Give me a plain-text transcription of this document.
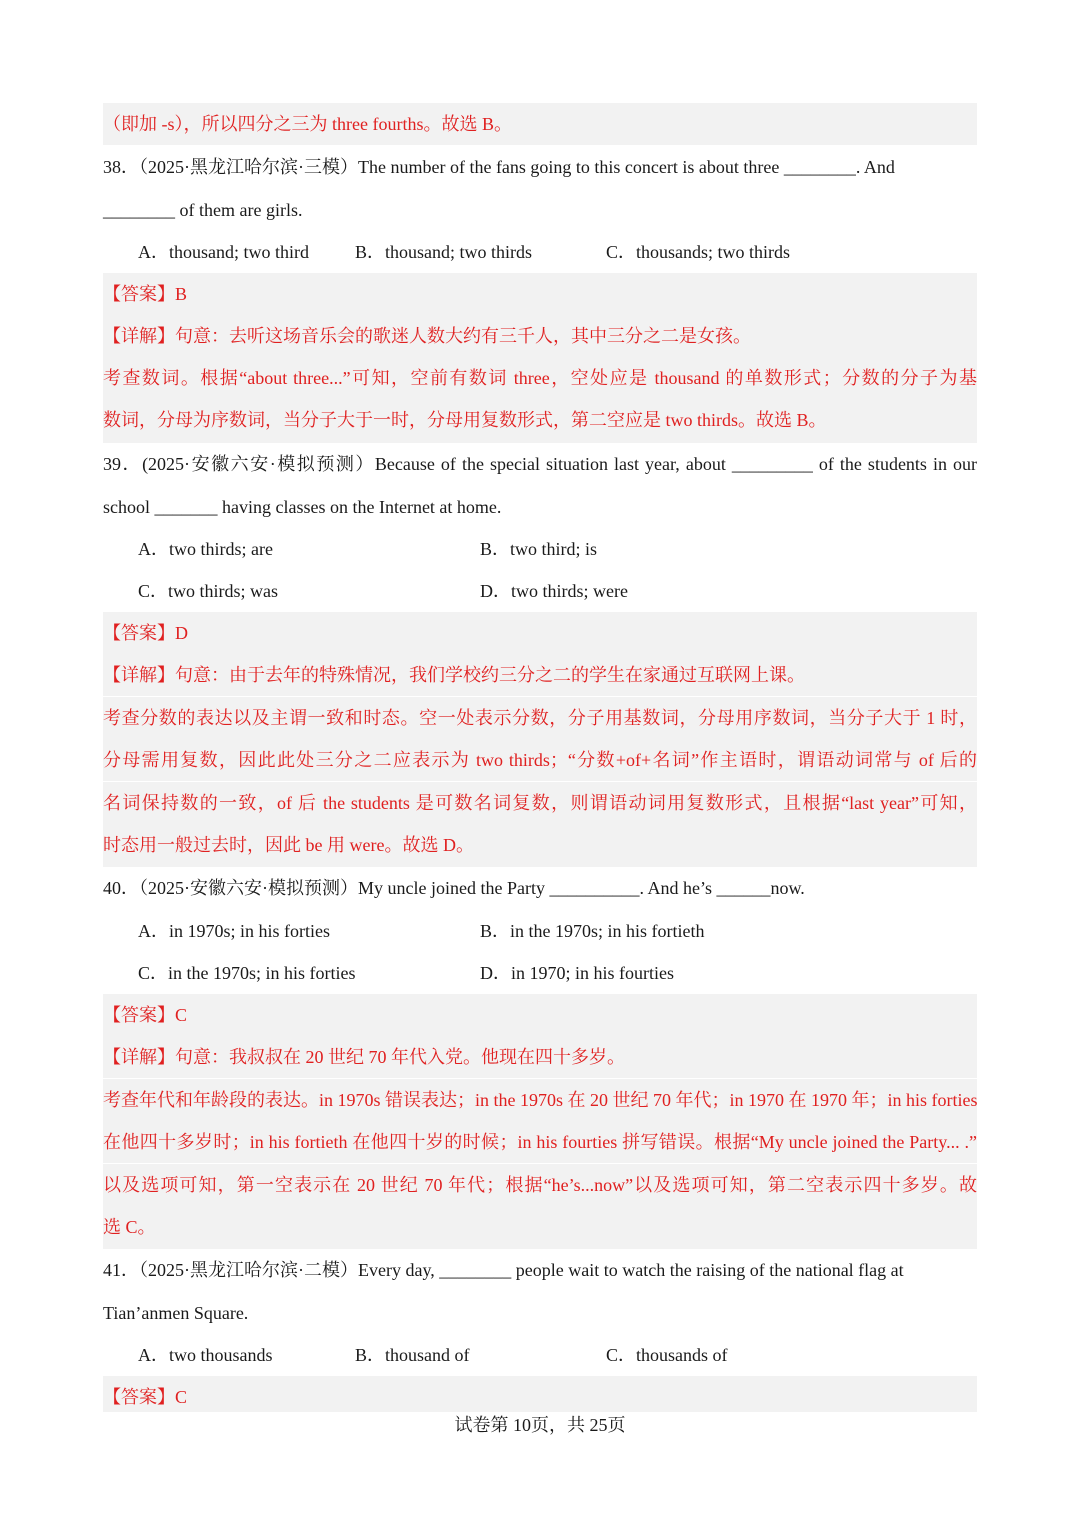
（即加 -s），所以四分之三为 three fourths。故选 B。
38．（2025·黑龙江哈尔滨·三模）The number of the fans going to this concert is about three ________. And
________ of them are girls.
A．thousand; two third	B．thousand; two thirds	C．thousands; two thirds
【答案】B
【详解】句意：去听这场音乐会的歌迷人数大约有三千人，其中三分之二是女孩。
考查数词。根据“about three...”可知，空前有数词 three，空处应是 thousand 的单数形式；分数的分子为基
数词，分母为序数词，当分子大于一时，分母用复数形式，第二空应是 two thirds。故选 B。
39．(2025·安徽六安·模拟预测）Because of the special situation last year, about _________ of the students in our
school _______ having classes on the Internet at home.
A．two thirds; are	B．two third; is
C．two thirds; was	D．two thirds; were
【答案】D
【详解】句意：由于去年的特殊情况，我们学校约三分之二的学生在家通过互联网上课。
考查分数的表达以及主谓一致和时态。空一处表示分数，分子用基数词，分母用序数词，当分子大于 1 时，
分母需用复数，因此此处三分之二应表示为 two thirds；“分数+of+名词”作主语时，谓语动词常与 of 后的
名词保持数的一致，of 后 the students 是可数名词复数，则谓语动词用复数形式，且根据“last year”可知，
时态用一般过去时，因此 be 用 were。故选 D。
40．（2025·安徽六安·模拟预测）My uncle joined the Party __________. And he’s ______now.
A．in 1970s; in his forties	B．in the 1970s; in his fortieth
C．in the 1970s; in his forties	D．in 1970; in his fourties
【答案】C
【详解】句意：我叔叔在 20 世纪 70 年代入党。他现在四十多岁。
考查年代和年龄段的表达。in 1970s 错误表达；in the 1970s 在 20 世纪 70 年代；in 1970 在 1970 年；in his forties
在他四十多岁时；in his fortieth 在他四十岁的时候；in his fourties 拼写错误。根据“My uncle joined the Party... .”
以及选项可知，第一空表示在 20 世纪 70 年代；根据“he’s...now”以及选项可知，第二空表示四十多岁。故
选 C。
41．（2025·黑龙江哈尔滨·二模）Every day, ________ people wait to watch the raising of the national flag at
Tian’anmen Square.
A．two thousands	B．thousand of	C．thousands of
【答案】C
试卷第 10页，共 25页
